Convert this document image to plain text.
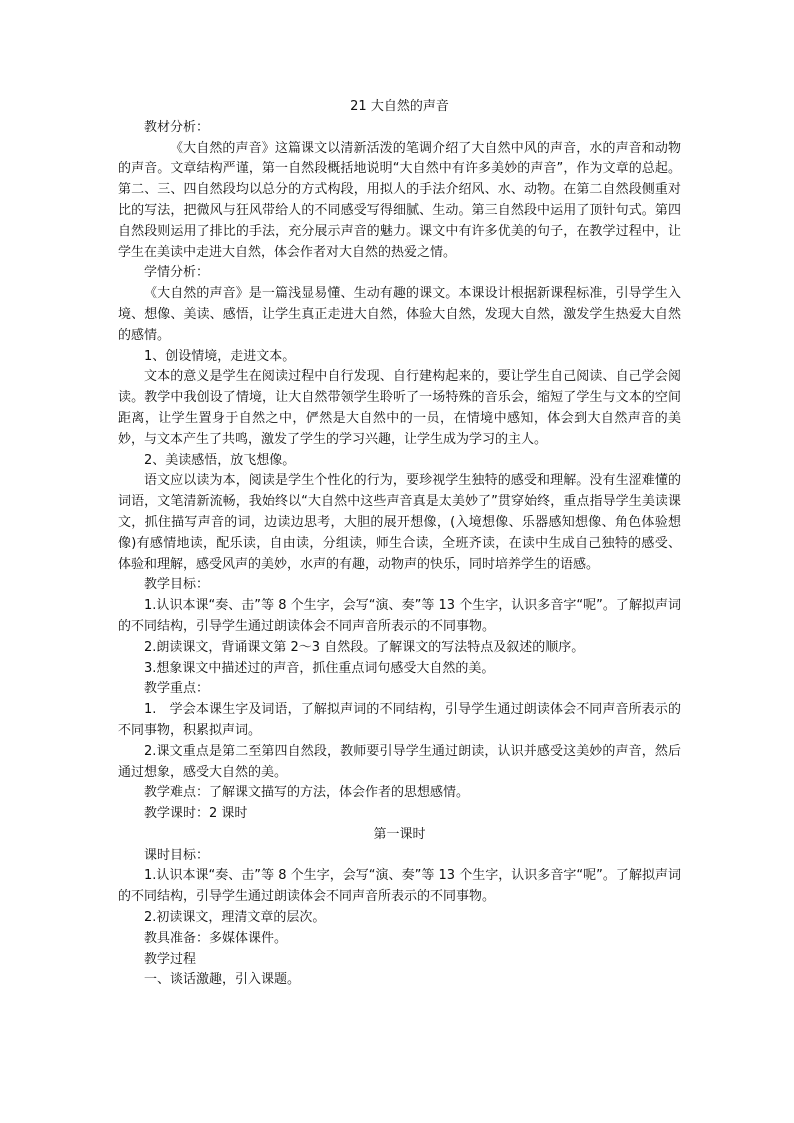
21 大自然的声音

教材分析：

《大自然的声音》这篇课文以清新活泼的笔调介绍了大自然中风的声音，水的声音和动物的声音。文章结构严谨，第一自然段概括地说明“大自然中有许多美妙的声音”，作为文章的总起。第二、三、四自然段均以总分的方式构段，用拟人的手法介绍风、水、动物。在第二自然段侧重对比的写法，把微风与狂风带给人的不同感受写得细腻、生动。第三自然段中运用了顶针句式。第四自然段则运用了排比的手法，充分展示声音的魅力。课文中有许多优美的句子，在教学过程中，让学生在美读中走进大自然，体会作者对大自然的热爱之情。

学情分析：

《大自然的声音》是一篇浅显易懂、生动有趣的课文。本课设计根据新课程标准，引导学生入境、想像、美读、感悟，让学生真正走进大自然，体验大自然，发现大自然，激发学生热爱大自然的感情。

1、创设情境，走进文本。

文本的意义是学生在阅读过程中自行发现、自行建构起来的，要让学生自己阅读、自己学会阅读。教学中我创设了情境，让大自然带领学生聆听了一场特殊的音乐会，缩短了学生与文本的空间距离，让学生置身于自然之中，俨然是大自然中的一员，在情境中感知，体会到大自然声音的美妙，与文本产生了共鸣，激发了学生的学习兴趣，让学生成为学习的主人。

2、美读感悟，放飞想像。

语文应以读为本，阅读是学生个性化的行为，要珍视学生独特的感受和理解。没有生涩难懂的词语，文笔清新流畅，我始终以“大自然中这些声音真是太美妙了”贯穿始终，重点指导学生美读课文，抓住描写声音的词，边读边思考，大胆的展开想像，(入境想像、乐器感知想像、角色体验想像)有感情地读，配乐读，自由读，分组读，师生合读，全班齐读，在读中生成自己独特的感受、体验和理解，感受风声的美妙，水声的有趣，动物声的快乐，同时培养学生的语感。

教学目标：

1.认识本课“奏、击”等 8 个生字，会写“演、奏”等 13 个生字，认识多音字“呢”。了解拟声词的不同结构，引导学生通过朗读体会不同声音所表示的不同事物。

2.朗读课文，背诵课文第 2～3 自然段。了解课文的写法特点及叙述的顺序。

3.想象课文中描述过的声音，抓住重点词句感受大自然的美。

教学重点：

1.　学会本课生字及词语，了解拟声词的不同结构，引导学生通过朗读体会不同声音所表示的不同事物，积累拟声词。

2.课文重点是第二至第四自然段，教师要引导学生通过朗读，认识并感受这美妙的声音，然后通过想象，感受大自然的美。

教学难点：了解课文描写的方法，体会作者的思想感情。

教学课时：2 课时

第一课时

课时目标：

1.认识本课“奏、击”等 8 个生字，会写“演、奏”等 13 个生字，认识多音字“呢”。了解拟声词的不同结构，引导学生通过朗读体会不同声音所表示的不同事物。

2.初读课文，理清文章的层次。

教具准备：多媒体课件。

教学过程

一、谈话激趣，引入课题。
